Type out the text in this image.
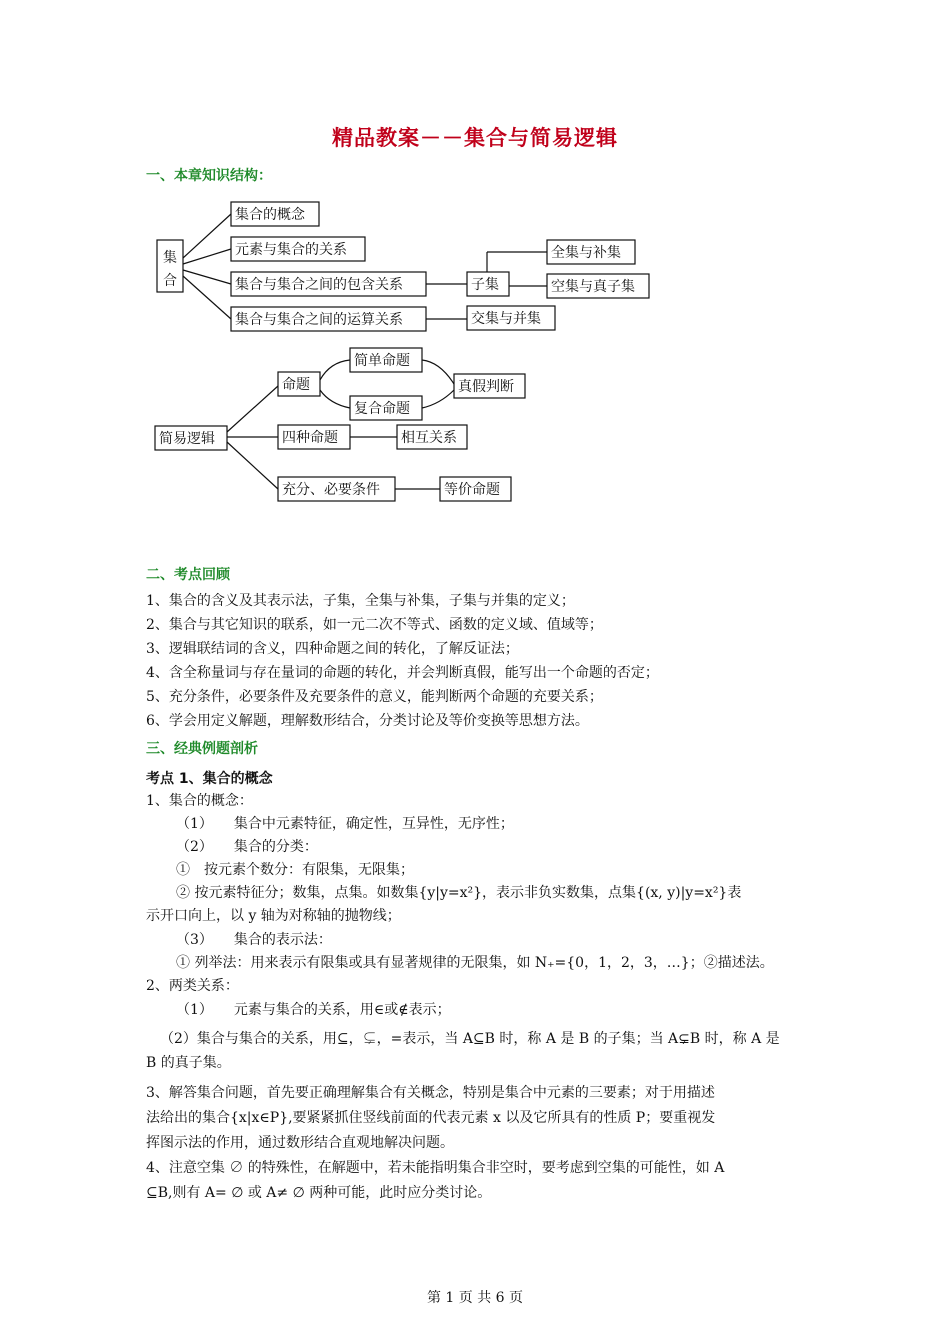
精品教案－－集合与简易逻辑
一、本章知识结构：
集
合
集合的概念
元素与集合的关系
集合与集合之间的包含关系
集合与集合之间的运算关系
子集
全集与补集
空集与真子集
交集与并集
简易逻辑
命题
简单命题
复合命题
真假判断
四种命题	相互关系
充分、必要条件	等价命题
二、考点回顾
1、集合的含义及其表示法，子集，全集与补集，子集与并集的定义；
2、集合与其它知识的联系，如一元二次不等式、函数的定义域、值域等；
3、逻辑联结词的含义，四种命题之间的转化，了解反证法；
4、含全称量词与存在量词的命题的转化，并会判断真假，能写出一个命题的否定；
5、充分条件，必要条件及充要条件的意义，能判断两个命题的充要关系；
6、学会用定义解题，理解数形结合，分类讨论及等价变换等思想方法。
三、经典例题剖析
考点 1、集合的概念
1、集合的概念：
（1）　　集合中元素特征，确定性，互异性，无序性；
（2）　　集合的分类：
①　按元素个数分：有限集，无限集；
② 按元素特征分；数集，点集。如数集{y|y=x²}，表示非负实数集，点集{(x, y)|y=x²}表
示开口向上，以 y 轴为对称轴的抛物线；
（3）　　集合的表示法：
① 列举法：用来表示有限集或具有显著规律的无限集，如 N₊={0，1，2，3，…}；②描述法。
2、两类关系：
（1）　　元素与集合的关系，用∈或∉表示；
（2）集合与集合的关系，用⊆，⊊，=表示，当 A⊆B 时，称 A 是 B 的子集；当 A⊊B 时，称 A 是
B 的真子集。
3、解答集合问题，首先要正确理解集合有关概念，特别是集合中元素的三要素；对于用描述
法给出的集合{x|x∈P},要紧紧抓住竖线前面的代表元素 x 以及它所具有的性质 P；要重视发
挥图示法的作用，通过数形结合直观地解决问题。
4、注意空集 ∅ 的特殊性，在解题中，若未能指明集合非空时，要考虑到空集的可能性，如 A
⊆B,则有 A= ∅ 或 A≠ ∅ 两种可能，此时应分类讨论。
第 1 页 共 6 页
